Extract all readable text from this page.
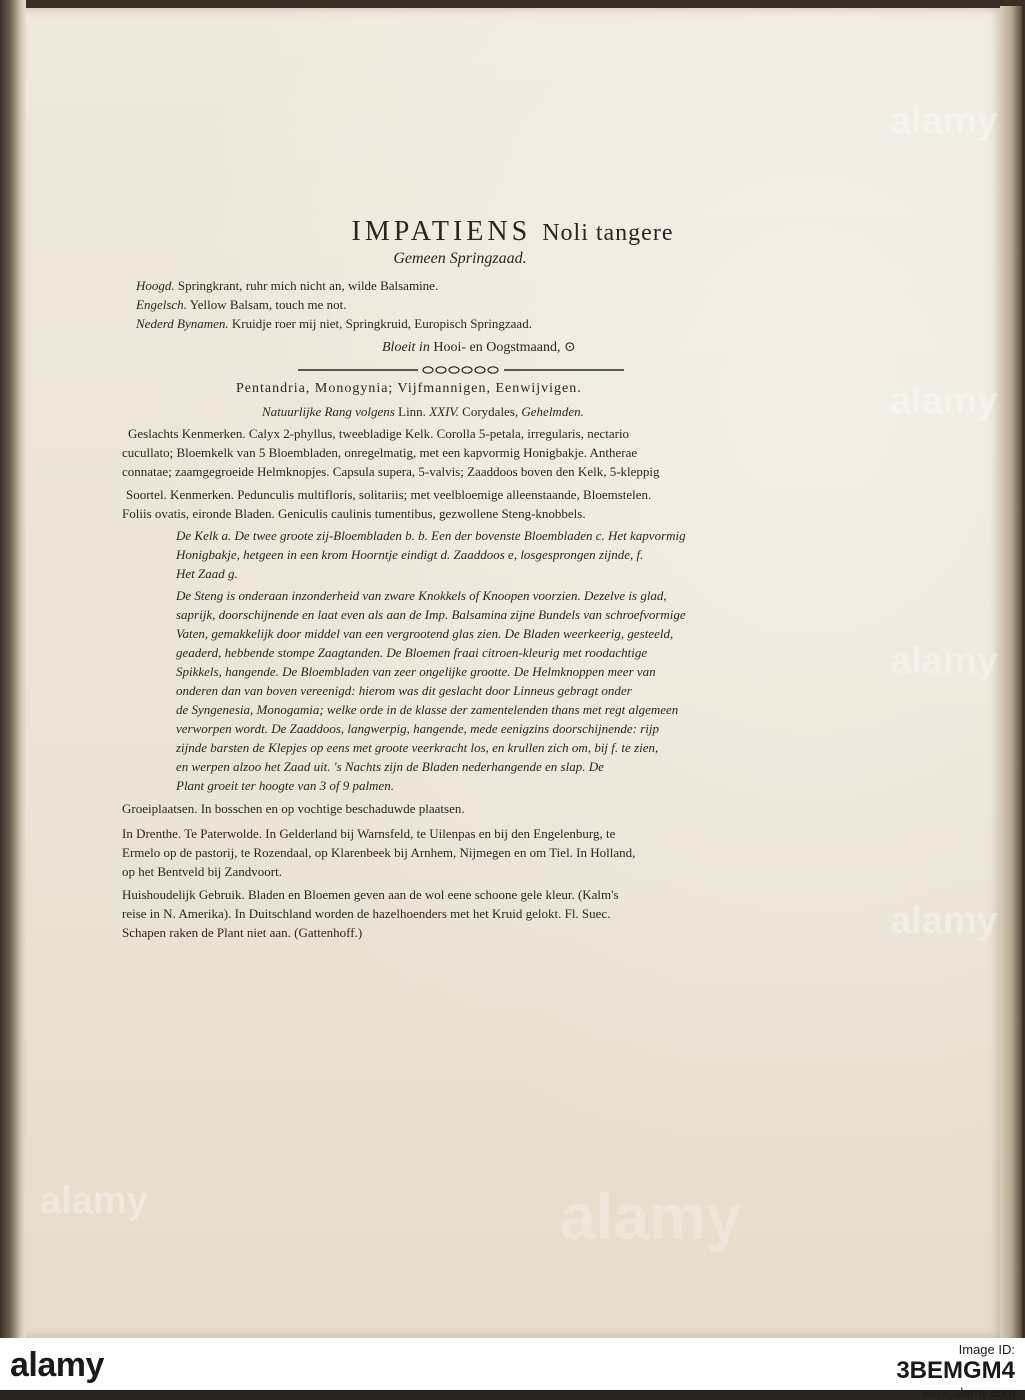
IMPATIENS Noli tangere
Gemeen Springzaad.
Hoogd. Springkrant, ruhr mich nicht an, wilde Balsamine.
Engelsch. Yellow Balsam, touch me not.
Nederd Bynamen. Kruidje roer mij niet, Springkruid, Europisch Springzaad.
Bloeit in Hooi- en Oogstmaand, ⊙
Pentandria, Monogynia; Vijfmannigen, Eenwijvigen.
Natuurlijke Rang volgens Linn. XXIV. Corydales, Gehelmden.
Geslachts Kenmerken. Calyx 2-phyllus, tweebladige Kelk. Corolla 5-petala, irregularis, nectario
cucullato; Bloemkelk van 5 Bloembladen, onregelmatig, met een kapvormig Honigbakje. Antherae
connatae; zaamgegroeide Helmknopjes. Capsula supera, 5-valvis; Zaaddoos boven den Kelk, 5-kleppig
Soortel. Kenmerken. Pedunculis multifloris, solitariis; met veelbloemige alleenstaande, Bloemstelen.
Foliis ovatis, eironde Bladen. Geniculis caulinis tumentibus, gezwollene Steng-knobbels.
De Kelk a. De twee groote zij-Bloembladen b. b. Een der bovenste Bloembladen c. Het kapvormig
Honigbakje, hetgeen in een krom Hoorntje eindigt d. Zaaddoos e, losgesprongen zijnde, f.
Het Zaad g.
De Steng is onderaan inzonderheid van zware Knokkels of Knoopen voorzien. Dezelve is glad,
saprijk, doorschijnende en laat even als aan de Imp. Balsamina zijne Bundels van schroefvormige
Vaten, gemakkelijk door middel van een vergrootend glas zien. De Bladen weerkeerig, gesteeld,
geaderd, hebbende stompe Zaagtanden. De Bloemen fraai citroen-kleurig met roodachtige
Spikkels, hangende. De Bloembladen van zeer ongelijke grootte. De Helmknoppen meer van
onderen dan van boven vereenigd: hierom was dit geslacht door Linneus gebragt onder
de Syngenesia, Monogamia; welke orde in de klasse der zamentelenden thans met regt algemeen
verworpen wordt. De Zaaddoos, langwerpig, hangende, mede eenigzins doorschijnende: rijp
zijnde barsten de Klepjes op eens met groote veerkracht los, en krullen zich om, bij f. te zien,
en werpen alzoo het Zaad uit. 's Nachts zijn de Bladen nederhangende en slap. De
Plant groeit ter hoogte van 3 of 9 palmen.
Groeiplaatsen. In bosschen en op vochtige beschaduwde plaatsen.
In Drenthe. Te Paterwolde. In Gelderland bij Warnsfeld, te Uilenpas en bij den Engelenburg, te
Ermelo op de pastorij, te Rozendaal, op Klarenbeek bij Arnhem, Nijmegen en om Tiel. In Holland,
op het Bentveld bij Zandvoort.
Huishoudelijk Gebruik. Bladen en Bloemen geven aan de wol eene schoone gele kleur. (Kalm's
reise in N. Amerika). In Duitschland worden de hazelhoenders met het Kruid gelokt. Fl. Suec.
Schapen raken de Plant niet aan. (Gattenhoff.)
alamy
alamy
alamy
alamy
alamy
alamy
alamy	Image ID:
3BEMGM4
www.alamy.com
